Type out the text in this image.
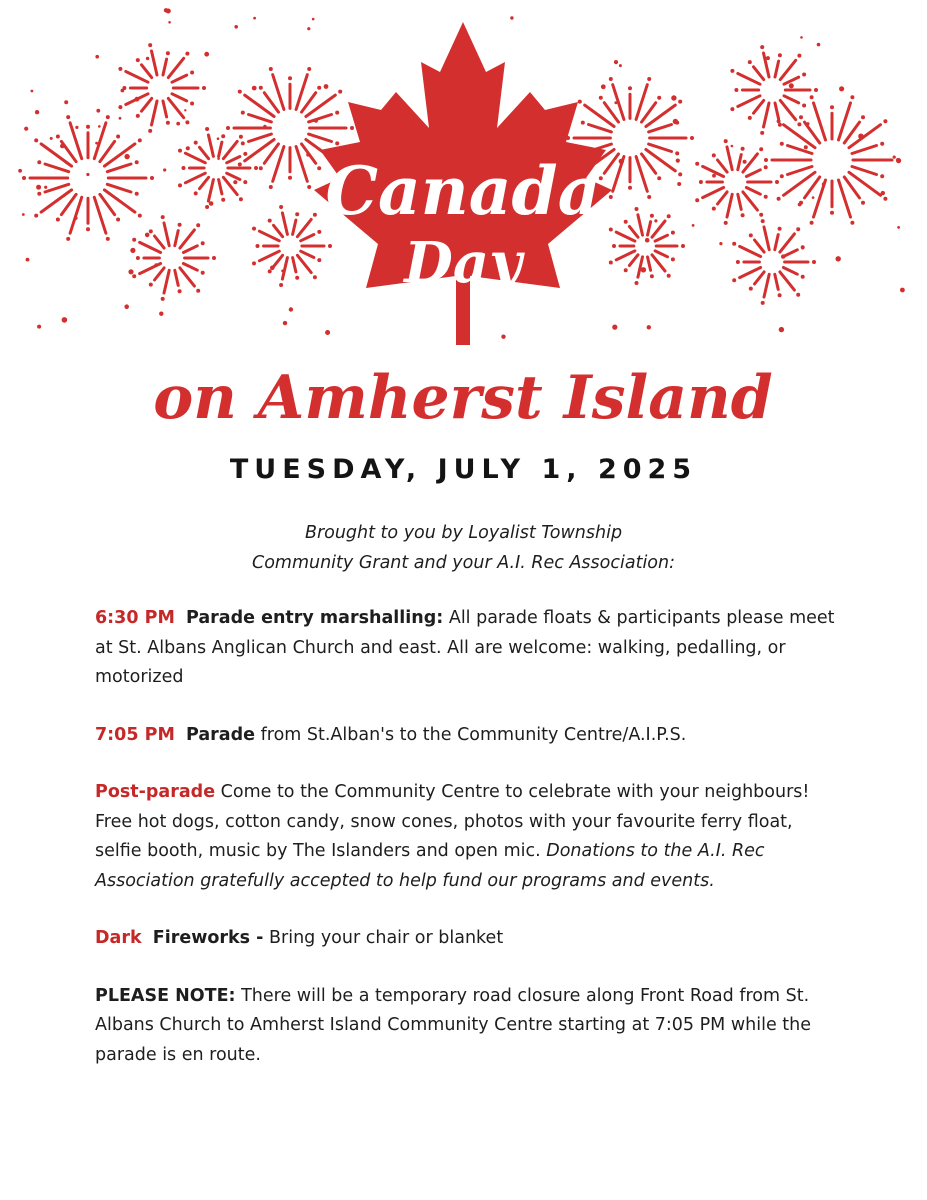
Canada
Day
on Amherst Island
TUESDAY, JULY 1, 2025
Brought to you by Loyalist Township
Community Grant and your A.I. Rec Association:
6:30 PM Parade entry marshalling: All parade floats & participants please meet at St. Albans Anglican Church and east. All are welcome: walking, pedalling, or motorized
7:05 PM Parade from St.Alban's to the Community Centre/A.I.P.S.
Post-parade Come to the Community Centre to celebrate with your neighbours! Free hot dogs, cotton candy, snow cones, photos with your favourite ferry float, selfie booth, music by The Islanders and open mic. Donations to the A.I. Rec Association gratefully accepted to help fund our programs and events.
Dark Fireworks - Bring your chair or blanket
PLEASE NOTE: There will be a temporary road closure along Front Road from St. Albans Church to Amherst Island Community Centre starting at 7:05 PM while the parade is en route.
